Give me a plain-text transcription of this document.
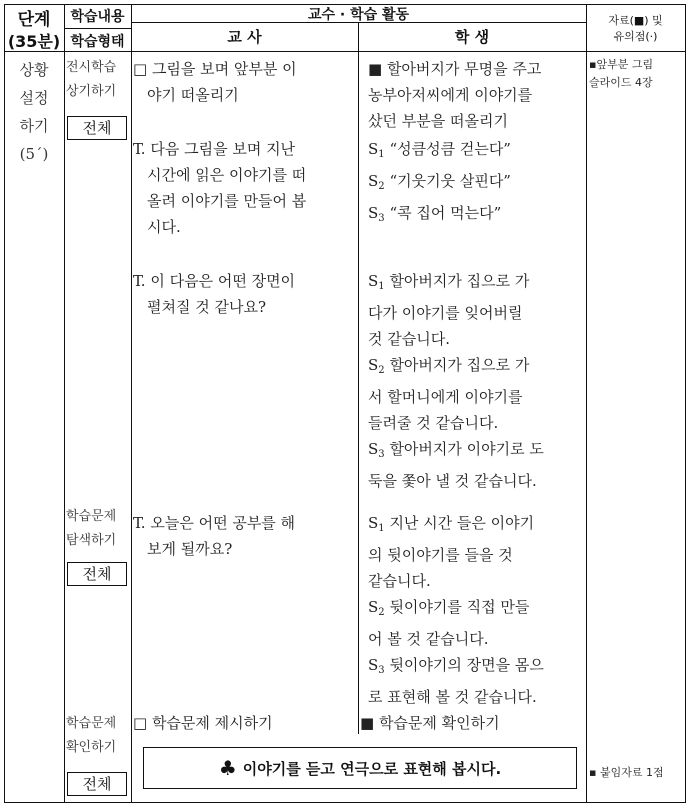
단계
(35분)
학습내용
학습형태
교수 · 학습 활동
교 사	학 생
자료(■) 및
유의점(·)
상황
설정
하기
(5´)
전시학습
상기하기
전체
학습문제
탐색하기
전체
학습문제
확인하기
전체

□ 그림을 보며 앞부분 이

야기 떠올리기

T. 다음 그림을 보며 지난

시간에 읽은 이야기를 떠

올려 이야기를 만들어 봅

시다.

T. 이 다음은 어떤 장면이

펼쳐질 것 같나요?

T. 오늘은 어떤 공부를 해

보게 될까요?

□ 학습문제 제시하기

■ 할아버지가 무명을 주고

농부아저씨에게 이야기를

샀던 부분을 떠올리기

$S_1$ “성큼성큼 걷는다”

$S_2$ “기웃기웃 살핀다”

$S_3$ “콕 집어 먹는다”

$S_1$ 할아버지가 집으로 가

다가 이야기를 잊어버릴

것 같습니다.

$S_2$ 할아버지가 집으로 가

서 할머니에게 이야기를

들려줄 것 같습니다.

$S_3$ 할아버지가 이야기로 도

둑을 쫓아 낼 것 같습니다.

$S_1$ 지난 시간 들은 이야기

의 뒷이야기를 들을 것

같습니다.

$S_2$ 뒷이야기를 직접 만들

어 볼 것 같습니다.

$S_3$ 뒷이야기의 장면을 몸으

로 표현해 볼 것 같습니다.

■ 학습문제 확인하기

♣ 이야기를 듣고 연극으로 표현해 봅시다.
▪앞부분 그림
슬라이드 4장
▪ 붙임자료 1점
